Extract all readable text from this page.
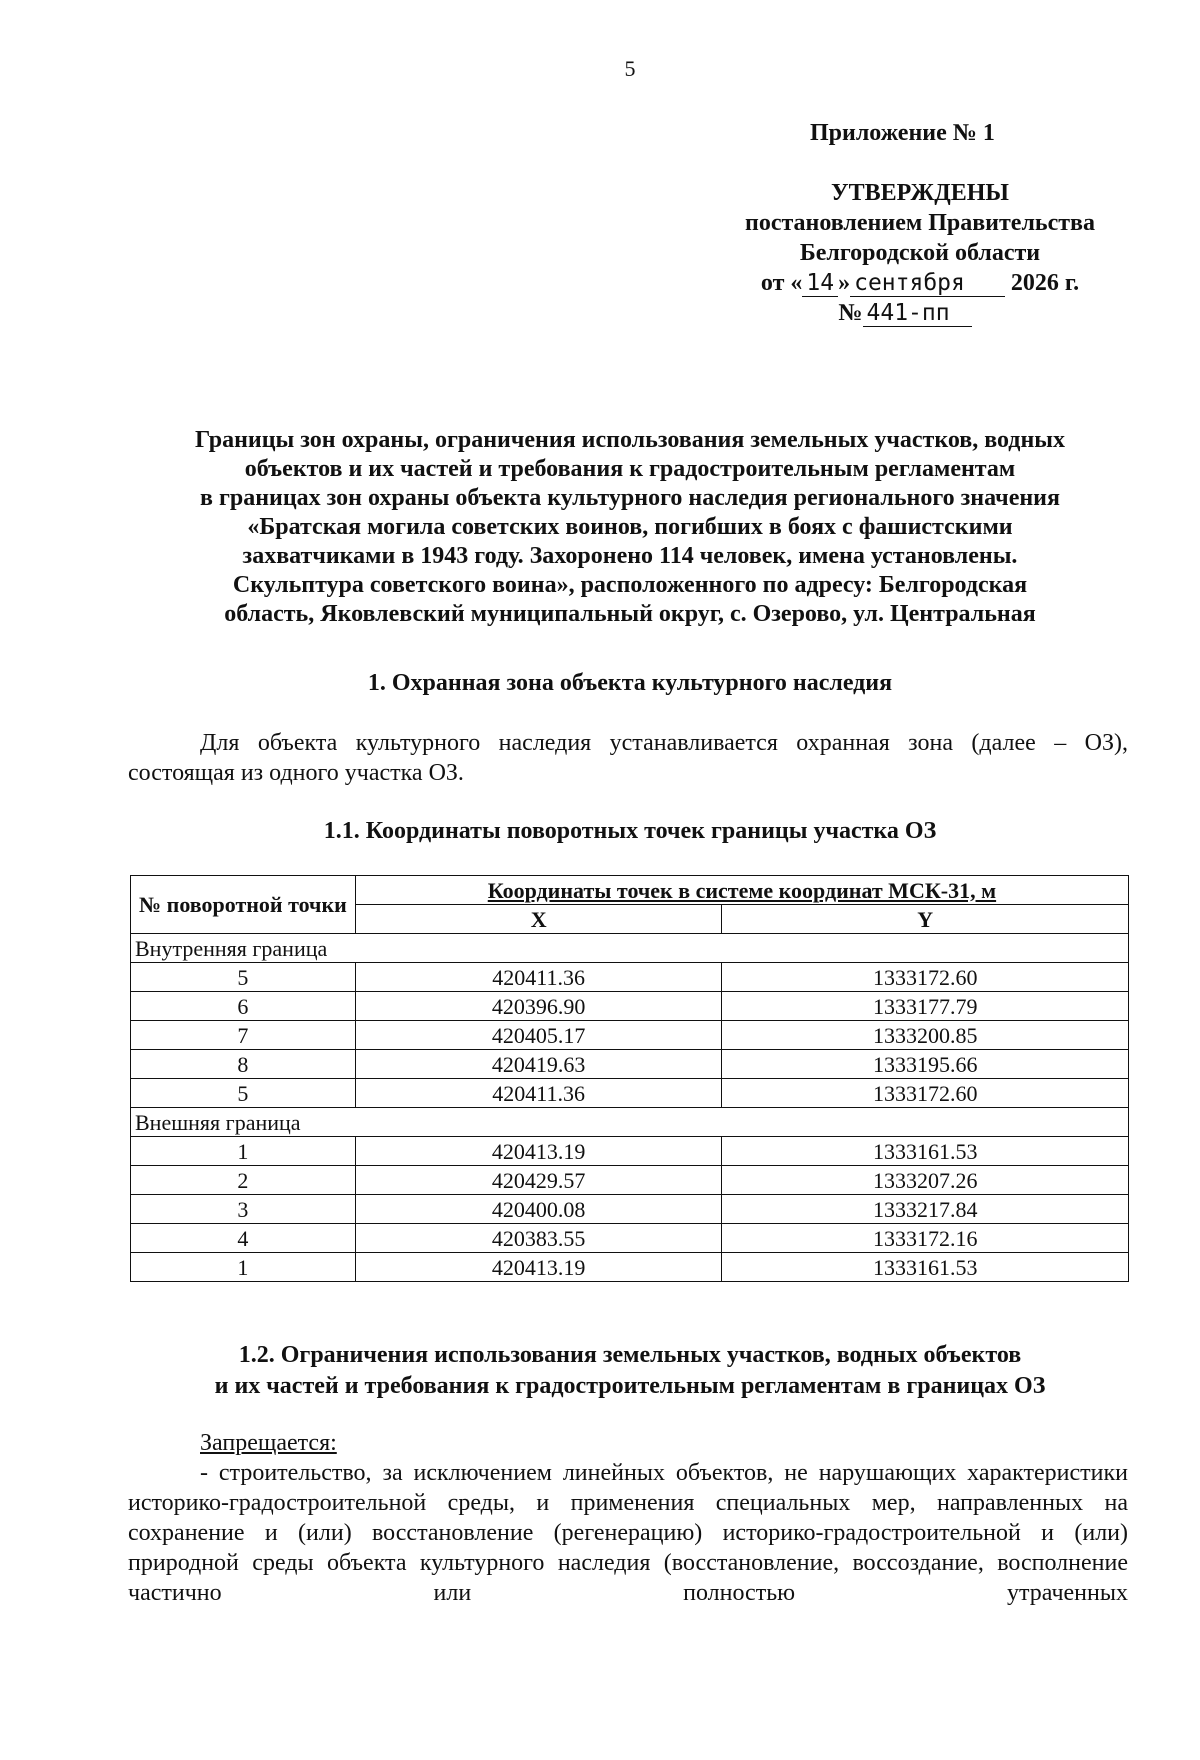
5
Приложение № 1
УТВЕРЖДЕНЫ
постановлением Правительства
Белгородской области
от « 14 » сентября 2026 г.
№ 441-пп
Границы зон охраны, ограничения использования земельных участков, водных
объектов и их частей и требования к градостроительным регламентам
в границах зон охраны объекта культурного наследия регионального значения
«Братская могила советских воинов, погибших в боях с фашистскими
захватчиками в 1943 году. Захоронено 114 человек, имена установлены.
Скульптура советского воина», расположенного по адресу: Белгородская
область, Яковлевский муниципальный округ, с. Озерово, ул. Центральная
1. Охранная зона объекта культурного наследия
Для объекта культурного наследия устанавливается охранная зона (далее – ОЗ), состоящая из одного участка ОЗ.
1.1. Координаты поворотных точек границы участка ОЗ
№ поворотной точки	Координаты точек в системе координат МСК-31, м	
	X	Y
Внутренняя граница		
5	420411.36	1333172.60
6	420396.90	1333177.79
7	420405.17	1333200.85
8	420419.63	1333195.66
5	420411.36	1333172.60
Внешняя граница		
1	420413.19	1333161.53
2	420429.57	1333207.26
3	420400.08	1333217.84
4	420383.55	1333172.16
1	420413.19	1333161.53
1.2. Ограничения использования земельных участков, водных объектов
и их частей и требования к градостроительным регламентам в границах ОЗ
Запрещается:
- строительство, за исключением линейных объектов, не нарушающих характеристики историко-градостроительной среды, и применения специальных мер, направленных на сохранение и (или) восстановление (регенерацию) историко-градостроительной и (или) природной среды объекта культурного наследия (восстановление, воссоздание, восполнение частично или полностью утраченных
